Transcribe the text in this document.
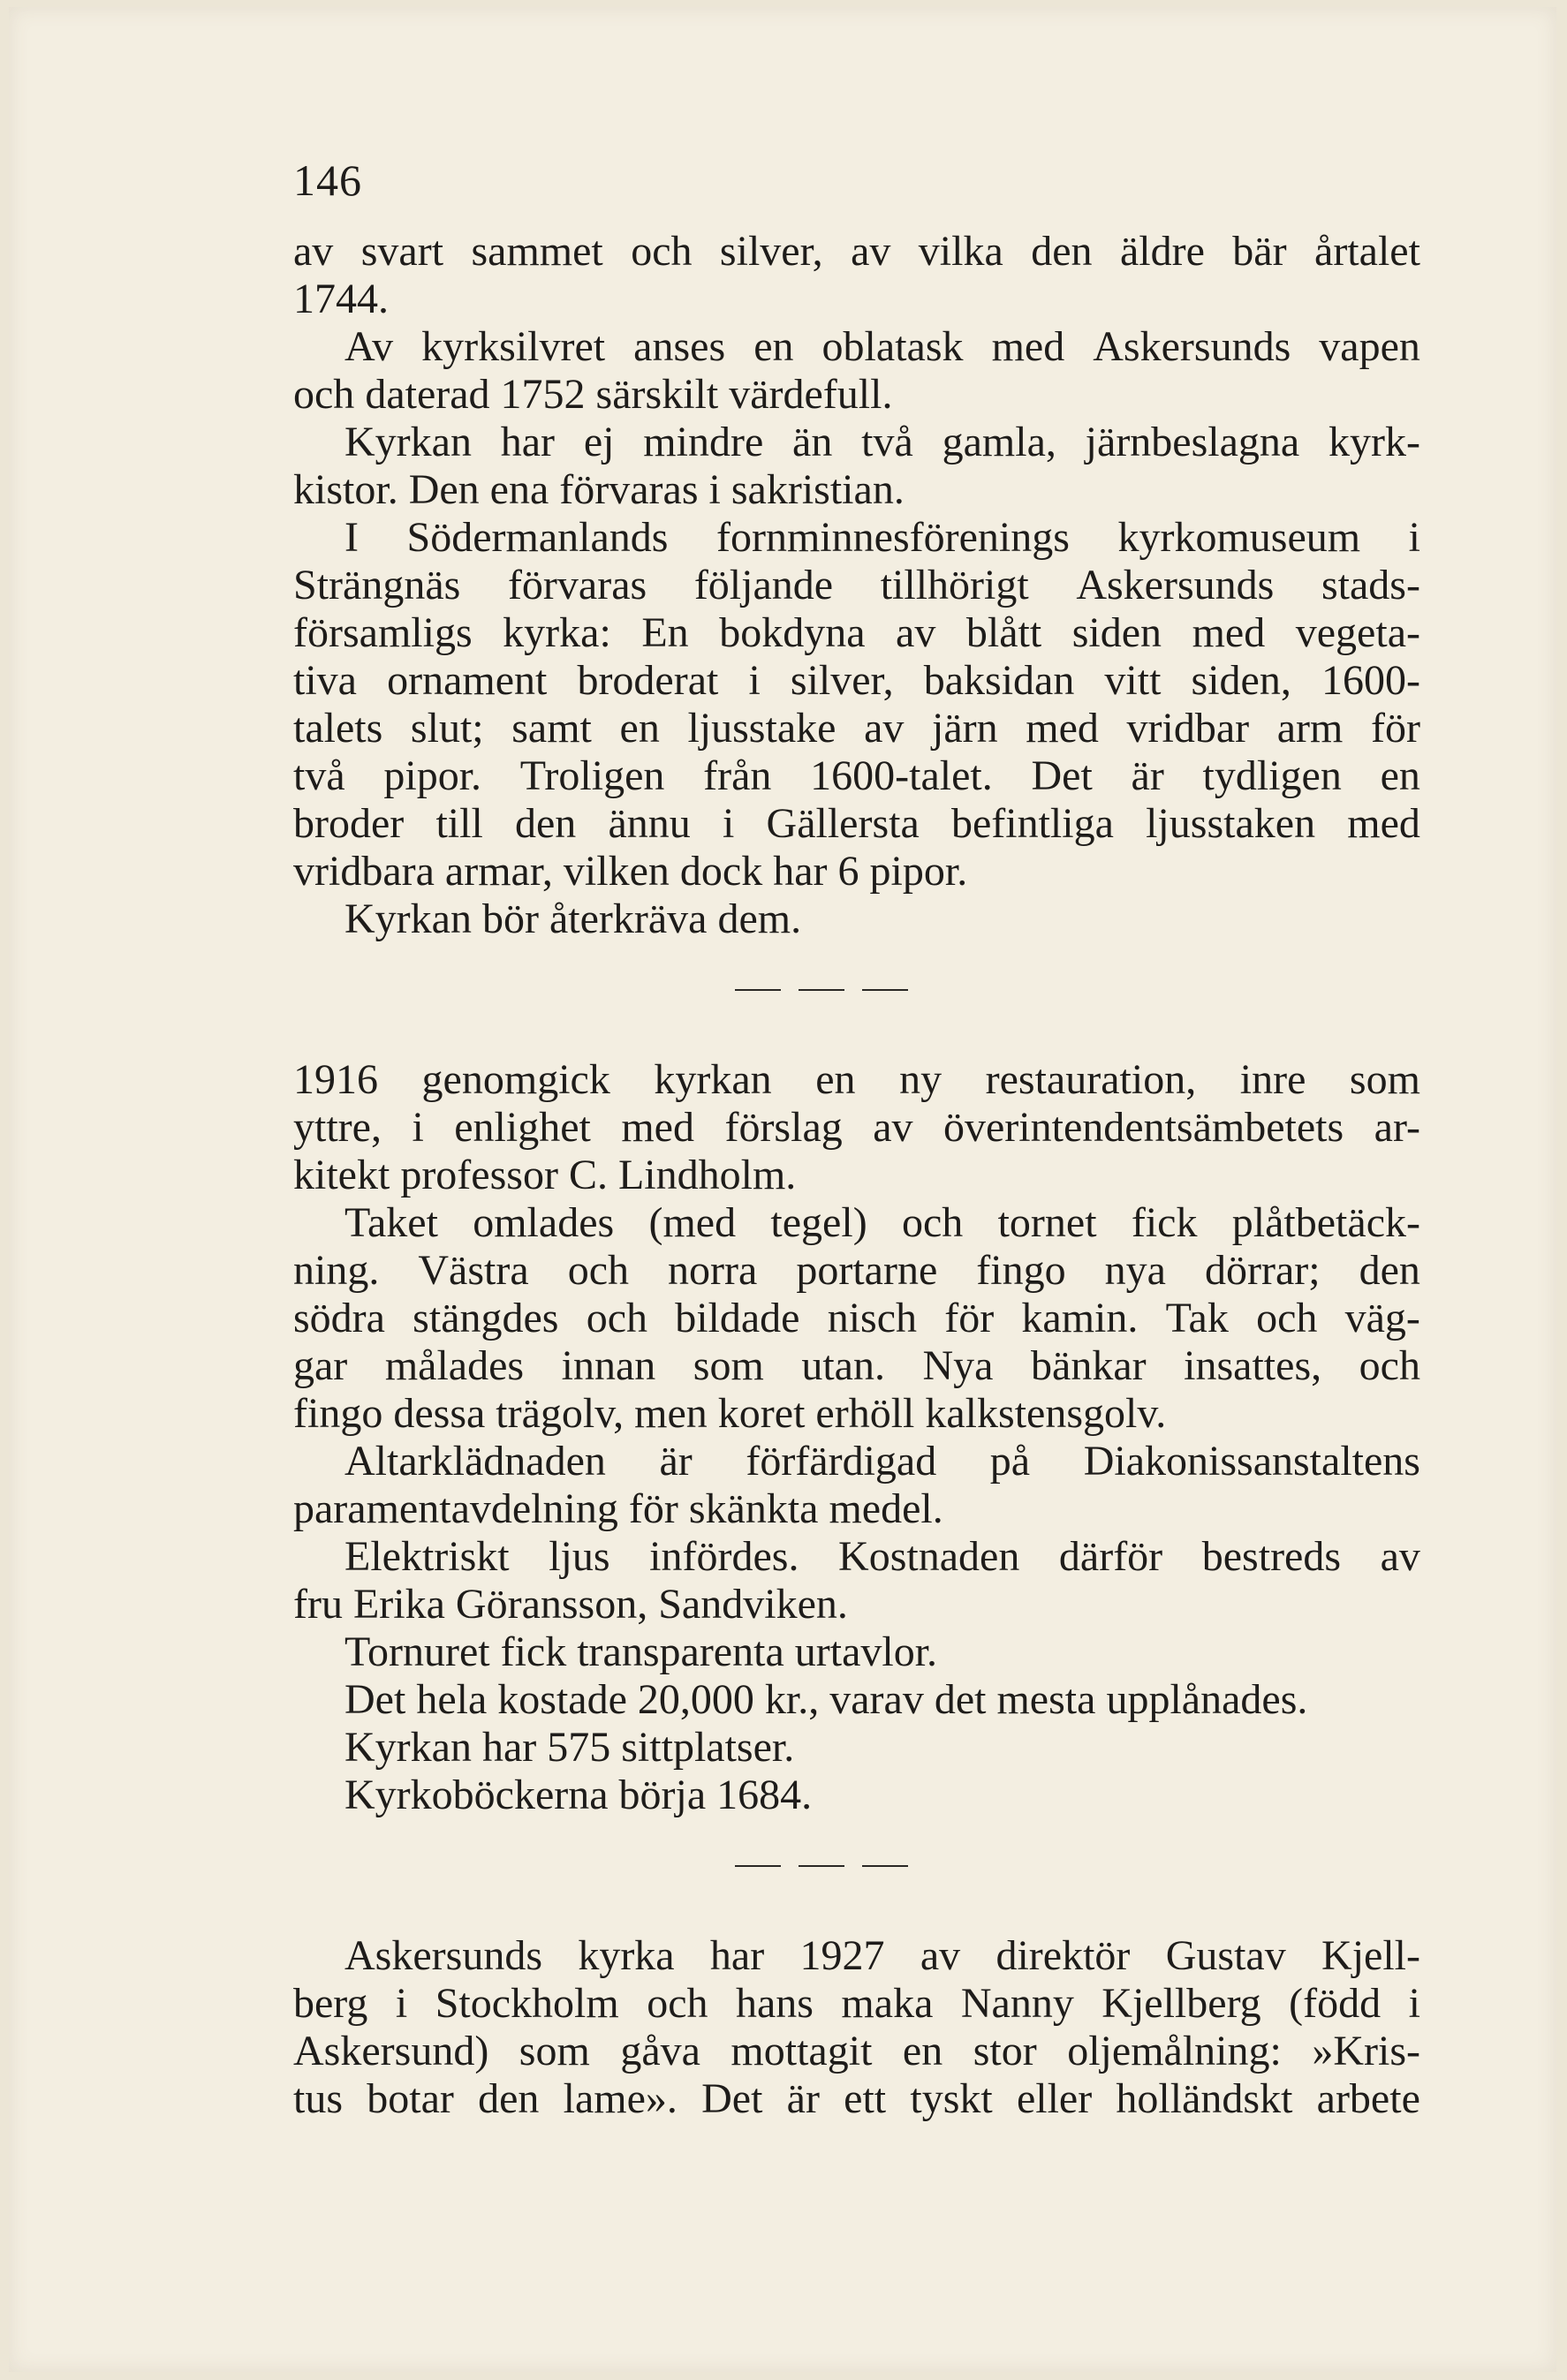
146
av svart sammet och silver, av vilka den äldre bär årtalet
1744.
Av kyrksilvret anses en oblatask med Askersunds vapen
och daterad 1752 särskilt värdefull.
Kyrkan har ej mindre än två gamla, järnbeslagna kyrk-
kistor. Den ena förvaras i sakristian.
I Södermanlands fornminnesförenings kyrkomuseum i
Strängnäs förvaras följande tillhörigt Askersunds stads-
församligs kyrka: En bokdyna av blått siden med vegeta-
tiva ornament broderat i silver, baksidan vitt siden, 1600-
talets slut; samt en ljusstake av järn med vridbar arm för
två pipor. Troligen från 1600-talet. Det är tydligen en
broder till den ännu i Gällersta befintliga ljusstaken med
vridbara armar, vilken dock har 6 pipor.
Kyrkan bör återkräva dem.
1916 genomgick kyrkan en ny restauration, inre som
yttre, i enlighet med förslag av överintendentsämbetets ar-
kitekt professor C. Lindholm.
Taket omlades (med tegel) och tornet fick plåtbetäck-
ning. Västra och norra portarne fingo nya dörrar; den
södra stängdes och bildade nisch för kamin. Tak och väg-
gar målades innan som utan. Nya bänkar insattes, och
fingo dessa trägolv, men koret erhöll kalkstensgolv.
Altarklädnaden är förfärdigad på Diakonissanstaltens
paramentavdelning för skänkta medel.
Elektriskt ljus infördes. Kostnaden därför bestreds av
fru Erika Göransson, Sandviken.
Tornuret fick transparenta urtavlor.
Det hela kostade 20,000 kr., varav det mesta upplånades.
Kyrkan har 575 sittplatser.
Kyrkoböckerna börja 1684.
Askersunds kyrka har 1927 av direktör Gustav Kjell-
berg i Stockholm och hans maka Nanny Kjellberg (född i
Askersund) som gåva mottagit en stor oljemålning: »Kris-
tus botar den lame». Det är ett tyskt eller holländskt arbete
